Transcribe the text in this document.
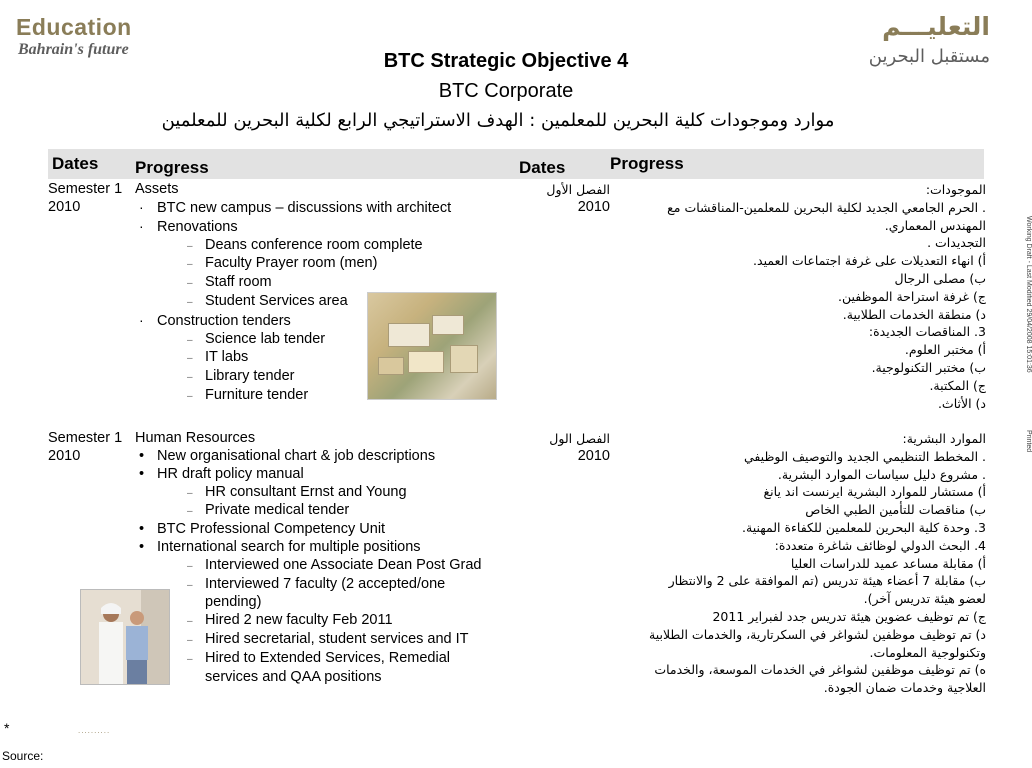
Education
Bahrain's future
التعليـــم
مستقبل البحرين
BTC Strategic Objective 4
BTC Corporate
موارد وموجودات كلية البحرين للمعلمين : الهدف الاستراتيجي الرابع لكلية البحرين للمعلمين
Working Draft - Last Modified 29/04/2008 15:01:36
Printed
Dates Progress	Dates	Progress
Semester 1
2010
Assets
· BTC new campus – discussions with architect
· Renovations
– Deans conference room complete
– Faculty Prayer room (men)
– Staff room
– Student Services area
· Construction tenders
– Science lab tender
– IT labs
– Library tender
– Furniture tender
الفصل الأول
2010
الموجودات:
. الحرم الجامعي الجديد لكلية البحرين للمعلمين-المناقشات مع
المهندس المعماري.
التجديدات .
أ) انهاء التعديلات على غرفة اجتماعات العميد.
ب) مصلى الرجال
ج) غرفة استراحة الموظفين.
د) منطقة الخدمات الطلابية.
3. المناقصات الجديدة:
أ) مختبر العلوم.
ب) مختبر التكنولوجية.
ج) المكتبة.
د) الأثاث.
Semester 1
2010
Human Resources
• New organisational chart & job descriptions
• HR draft policy manual
– HR consultant Ernst and Young
– Private medical tender
• BTC Professional Competency Unit
• International search for multiple positions
– Interviewed one Associate Dean Post Grad
– Interviewed 7 faculty (2 accepted/one
pending)
– Hired 2 new faculty Feb 2011
– Hired secretarial, student services and IT
– Hired to Extended Services, Remedial
services and QAA positions
الفصل الول
2010
الموارد البشرية:
. المخطط التنظيمي الجديد والتوصيف الوظيفي
. مشروع دليل سياسات الموارد البشرية.
أ) مستشار للموارد البشرية ايرنست اند يانغ
ب) مناقصات للتأمين الطبي الخاص
3. وحدة كلية البحرين للمعلمين للكفاءة المهنية.
4. البحث الدولي لوظائف شاغرة متعددة:
أ) مقابلة مساعد عميد للدراسات العليا
ب) مقابلة 7 أعضاء هيئة تدريس (تم الموافقة على 2 والانتظار
لعضو هيئة تدريس آخر).
ج) تم توظيف عضوين هيئة تدريس جدد لفبراير 2011
د) تم توظيف موظفين لشواغر في السكرتارية، والخدمات الطلابية
وتكنولوجية المعلومات.
ه) تم توظيف موظفين لشواغر في الخدمات الموسعة، والخدمات
العلاجية وخدمات ضمان الجودة.
*	..........
Source:
